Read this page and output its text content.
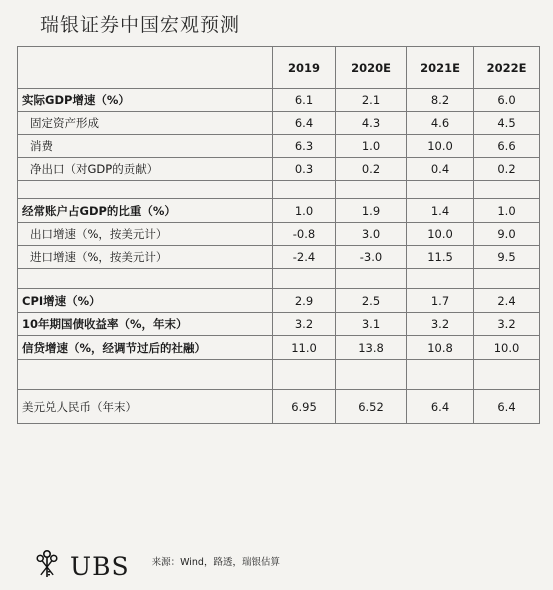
瑞银证券中国宏观预测
	2019	2020E	2021E	2022E
实际GDP增速（%）	6.1	2.1	8.2	6.0
固定资产形成	6.4	4.3	4.6	4.5
消费	6.3	1.0	10.0	6.6
净出口（对GDP的贡献）	0.3	0.2	0.4	0.2

经常账户占GDP的比重（%）	1.0	1.9	1.4	1.0
出口增速（%，按美元计）	-0.8	3.0	10.0	9.0
进口增速（%，按美元计）	-2.4	-3.0	11.5	9.5

CPI增速（%）	2.9	2.5	1.7	2.4
10年期国债收益率（%，年末）	3.2	3.1	3.2	3.2
信贷增速（%，经调节过后的社融）	11.0	13.8	10.8	10.0

美元兑人民币（年末）	6.95	6.52	6.4	6.4
UBS 来源：Wind，路透，瑞银估算
